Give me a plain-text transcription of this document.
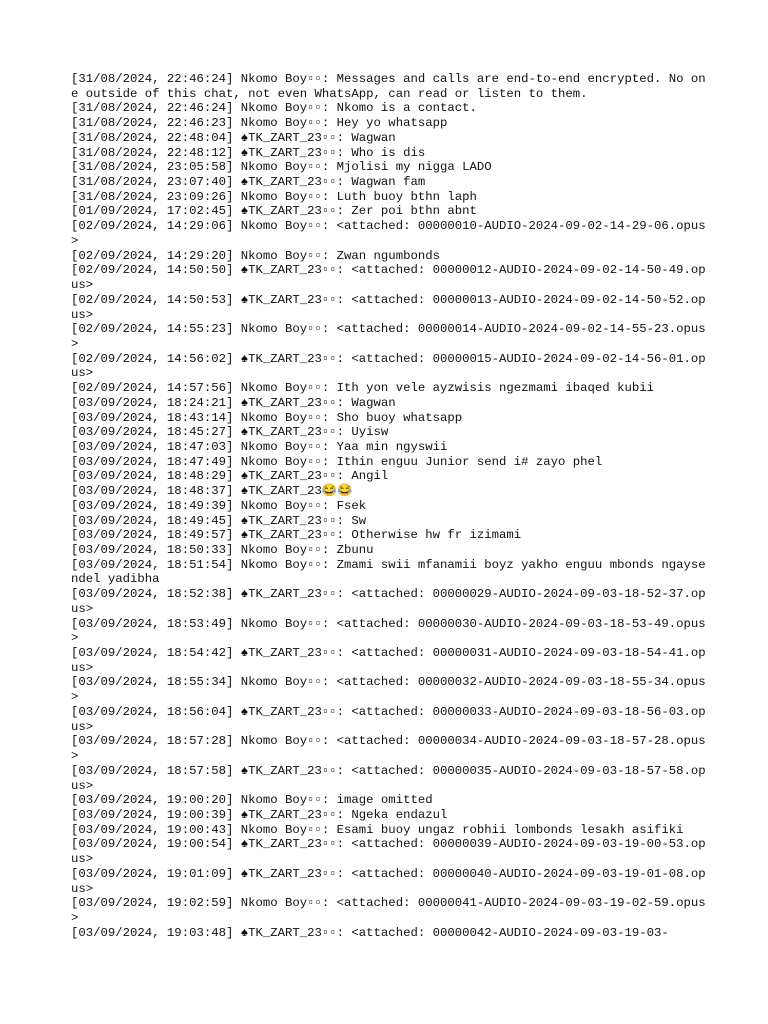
[31/08/2024, 22:46:24] Nkomo Boy▫▫: Messages and calls are end-to-end encrypted. No one outside of this chat, not even WhatsApp, can read or listen to them.
[31/08/2024, 22:46:24] Nkomo Boy▫▫: Nkomo is a contact.
[31/08/2024, 22:46:23] Nkomo Boy▫▫: Hey yo whatsapp
[31/08/2024, 22:48:04] ♠TK_ZART_23▫▫: Wagwan
[31/08/2024, 22:48:12] ♠TK_ZART_23▫▫: Who is dis
[31/08/2024, 23:05:58] Nkomo Boy▫▫: Mjolisi my nigga LADO
[31/08/2024, 23:07:40] ♠TK_ZART_23▫▫: Wagwan fam
[31/08/2024, 23:09:26] Nkomo Boy▫▫: Luth buoy bthn laph
[01/09/2024, 17:02:45] ♠TK_ZART_23▫▫: Zer poi bthn abnt
[02/09/2024, 14:29:06] Nkomo Boy▫▫: <attached: 00000010-AUDIO-2024-09-02-14-29-06.opus>
[02/09/2024, 14:29:20] Nkomo Boy▫▫: Zwan ngumbonds
[02/09/2024, 14:50:50] ♠TK_ZART_23▫▫: <attached: 00000012-AUDIO-2024-09-02-14-50-49.opus>
[02/09/2024, 14:50:53] ♠TK_ZART_23▫▫: <attached: 00000013-AUDIO-2024-09-02-14-50-52.opus>
[02/09/2024, 14:55:23] Nkomo Boy▫▫: <attached: 00000014-AUDIO-2024-09-02-14-55-23.opus>
[02/09/2024, 14:56:02] ♠TK_ZART_23▫▫: <attached: 00000015-AUDIO-2024-09-02-14-56-01.opus>
[02/09/2024, 14:57:56] Nkomo Boy▫▫: Ith yon vele ayzwisis ngezmami ibaqed kubii
[03/09/2024, 18:24:21] ♠TK_ZART_23▫▫: Wagwan
[03/09/2024, 18:43:14] Nkomo Boy▫▫: Sho buoy whatsapp
[03/09/2024, 18:45:27] ♠TK_ZART_23▫▫: Uyisw
[03/09/2024, 18:47:03] Nkomo Boy▫▫: Yaa min ngyswii
[03/09/2024, 18:47:49] Nkomo Boy▫▫: Ithin enguu Junior send i# zayo phel
[03/09/2024, 18:48:29] ♠TK_ZART_23▫▫: Angil
[03/09/2024, 18:48:37] ♠TK_ZART_23😂😂
[03/09/2024, 18:49:39] Nkomo Boy▫▫: Fsek
[03/09/2024, 18:49:45] ♠TK_ZART_23▫▫: Sw
[03/09/2024, 18:49:57] ♠TK_ZART_23▫▫: Otherwise hw fr izimami
[03/09/2024, 18:50:33] Nkomo Boy▫▫: Zbunu
[03/09/2024, 18:51:54] Nkomo Boy▫▫: Zmami swii mfanamii boyz yakho enguu mbonds ngaysendel yadibha
[03/09/2024, 18:52:38] ♠TK_ZART_23▫▫: <attached: 00000029-AUDIO-2024-09-03-18-52-37.opus>
[03/09/2024, 18:53:49] Nkomo Boy▫▫: <attached: 00000030-AUDIO-2024-09-03-18-53-49.opus>
[03/09/2024, 18:54:42] ♠TK_ZART_23▫▫: <attached: 00000031-AUDIO-2024-09-03-18-54-41.opus>
[03/09/2024, 18:55:34] Nkomo Boy▫▫: <attached: 00000032-AUDIO-2024-09-03-18-55-34.opus>
[03/09/2024, 18:56:04] ♠TK_ZART_23▫▫: <attached: 00000033-AUDIO-2024-09-03-18-56-03.opus>
[03/09/2024, 18:57:28] Nkomo Boy▫▫: <attached: 00000034-AUDIO-2024-09-03-18-57-28.opus>
[03/09/2024, 18:57:58] ♠TK_ZART_23▫▫: <attached: 00000035-AUDIO-2024-09-03-18-57-58.opus>
[03/09/2024, 19:00:20] Nkomo Boy▫▫: image omitted
[03/09/2024, 19:00:39] ♠TK_ZART_23▫▫: Ngeka endazul
[03/09/2024, 19:00:43] Nkomo Boy▫▫: Esami buoy ungaz robhii lombonds lesakh asifiki
[03/09/2024, 19:00:54] ♠TK_ZART_23▫▫: <attached: 00000039-AUDIO-2024-09-03-19-00-53.opus>
[03/09/2024, 19:01:09] ♠TK_ZART_23▫▫: <attached: 00000040-AUDIO-2024-09-03-19-01-08.opus>
[03/09/2024, 19:02:59] Nkomo Boy▫▫: <attached: 00000041-AUDIO-2024-09-03-19-02-59.opus>
[03/09/2024, 19:03:48] ♠TK_ZART_23▫▫: <attached: 00000042-AUDIO-2024-09-03-19-03-
